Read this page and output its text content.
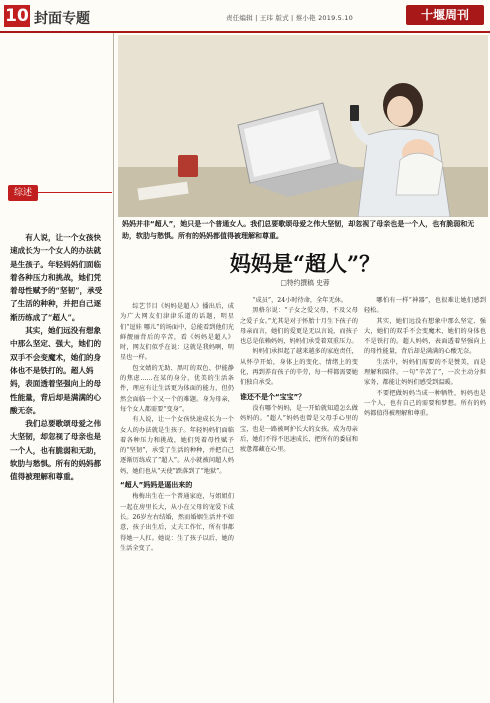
10 封面专题	责任编辑 | 王玮 版式 | 蔡小艳 2019.5.10	十堰周刊
综述

有人说，让一个女孩快速成长为一个女人的办法就是生孩子。年轻妈妈们面临着各种压力和挑战，她们凭着母性赋予的“坚韧”，承受了生活的种种，并把自己逐渐历练成了“超人”。

其实，她们远没有想象中那么坚定、强大，她们的双手不会变魔术，她们的身体也不是铁打的。超人妈妈，表面透着坚强向上的母性能量，背后却是满满的心酸无奈。

我们总要歌颂母爱之伟大坚韧，却忽视了母亲也是一个人，也有脆弱和无助，软肋与愁惧。所有的妈妈都值得被理解和尊重。

妈妈并非“超人”，她只是一个普通女人。我们总要歌颂母爱之伟大坚韧，却忽视了母亲也是一个人，也有脆弱和无助，软肋与愁惧。所有的妈妈都值得被理解和尊重。
妈妈是“超人”？
□特约撰稿 史蓉

综艺节目《妈妈是超人》播出后，成为广大网友们津津乐道的话题，明星们“逗娃 哪儿”的场面中，总能看到他们光鲜靓丽背后的辛苦，看《妈妈是超人》时，网友们似乎在说：这就是我妈啊，明星也一样。

包文婧的无助、黑叮的双色、伊能静的焦虑……在某的身分，优美的生活条件，理应有让生活更为体面的能力，但仍然会面临一个又一个的难题。身为母亲，每个女人都需要“变身”。

有人说，让一个女孩快速成长为一个女人的办法就是生孩子。年轻妈妈们面临着各种压力和挑战，她们凭着母性赋予的“坚韧”，承受了生活的种种，并把自己逐渐历练成了“超人”。从小就被问超人妈妈，她们也从“天使”跌落到了“地狱”。

“超人”妈妈是逼出来的

梅梅出生在一个普通家庭，与姐姐们一起在房里长大，从小在父母的宠爱下成长。26岁左右结婚，然而婚姻生活并不如意，孩子出生后，丈夫工作忙，所有事都得她一人扛。她说：生了孩子以后，她的生活全变了。

“成员”，24小时待命，全年无休。

黑格尔说：“子女之爱父母，不及父母之爱子女。”尤其是对于怀胎十月生下孩子的母亲而言，她们的爱更是无以言说，而孩子也总是依赖妈妈，妈妈们承受着双重压力。

妈妈们承担起了越来越多的家庭责任，从怀孕开始，身体上的变化、情绪上的变化，再到养育孩子的辛劳，每一样都需要她们独自承受。

谁还不是个“宝宝”？

没有哪个妈妈，是一开始就知道怎么做妈妈的。“超人”妈妈也曾是父母手心里的宝，也是一路被呵护长大的女孩。成为母亲后，她们不得不迅速成长，把所有的委屈和疲惫都藏在心里。

哪怕有一样“神器”，也很难让她们感到轻松。

其实，她们远没有想象中那么坚定、强大，她们的双手不会变魔术，她们的身体也不是铁打的。超人妈妈，表面透着坚强向上的母性能量，背后却是满满的心酸无奈。

生活中，妈妈们需要的不是赞美，而是理解和陪伴。一句“辛苦了”，一次主动分担家务，都能让妈妈们感受到温暖。

不要把做妈妈当成一种牺牲，妈妈也是一个人，也有自己的需要和梦想。所有的妈妈都值得被理解和尊重。
